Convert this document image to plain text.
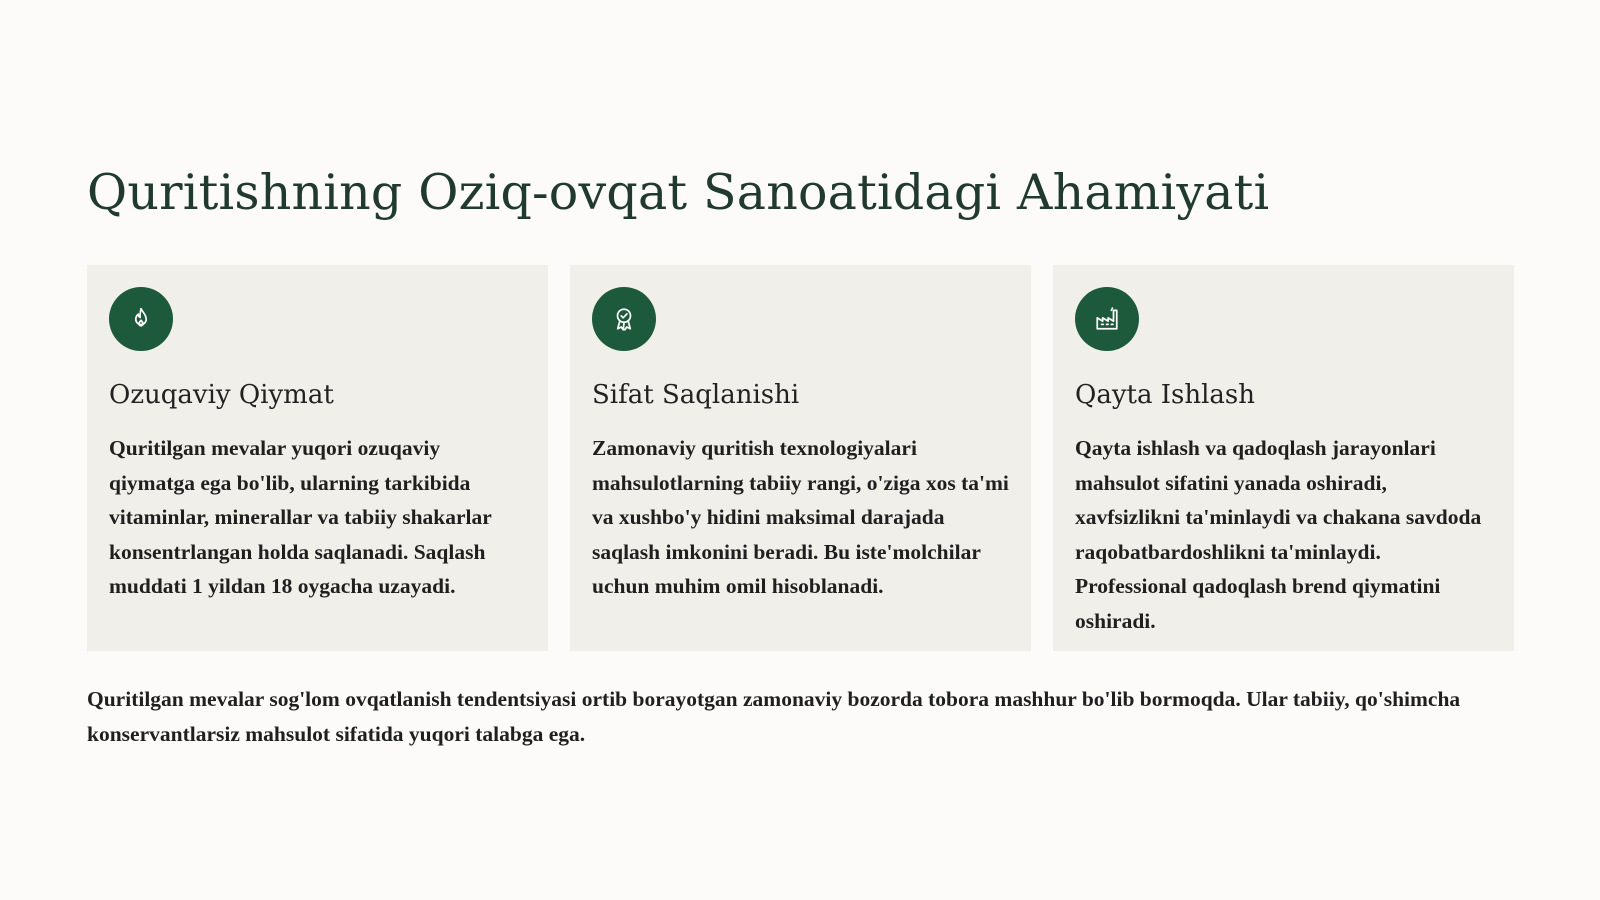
Quritishning Oziq-ovqat Sanoatidagi Ahamiyati
Ozuqaviy Qiymat

Quritilgan mevalar yuqori ozuqaviy qiymatga ega bo'lib, ularning tarkibida vitaminlar, minerallar va tabiiy shakarlar konsentrlangan holda saqlanadi. Saqlash muddati 1 yildan 18 oygacha uzayadi.

Sifat Saqlanishi

Zamonaviy quritish texnologiyalari mahsulotlarning tabiiy rangi, o'ziga xos ta'mi va xushbo'y hidini maksimal darajada saqlash imkonini beradi. Bu iste'molchilar uchun muhim omil hisoblanadi.

Qayta Ishlash

Qayta ishlash va qadoqlash jarayonlari mahsulot sifatini yanada oshiradi, xavfsizlikni ta'minlaydi va chakana savdoda raqobatbardoshlikni ta'minlaydi. Professional qadoqlash brend qiymatini oshiradi.

Quritilgan mevalar sog'lom ovqatlanish tendentsiyasi ortib borayotgan zamonaviy bozorda tobora mashhur bo'lib bormoqda. Ular tabiiy, qo'shimcha konservantlarsiz mahsulot sifatida yuqori talabga ega.
